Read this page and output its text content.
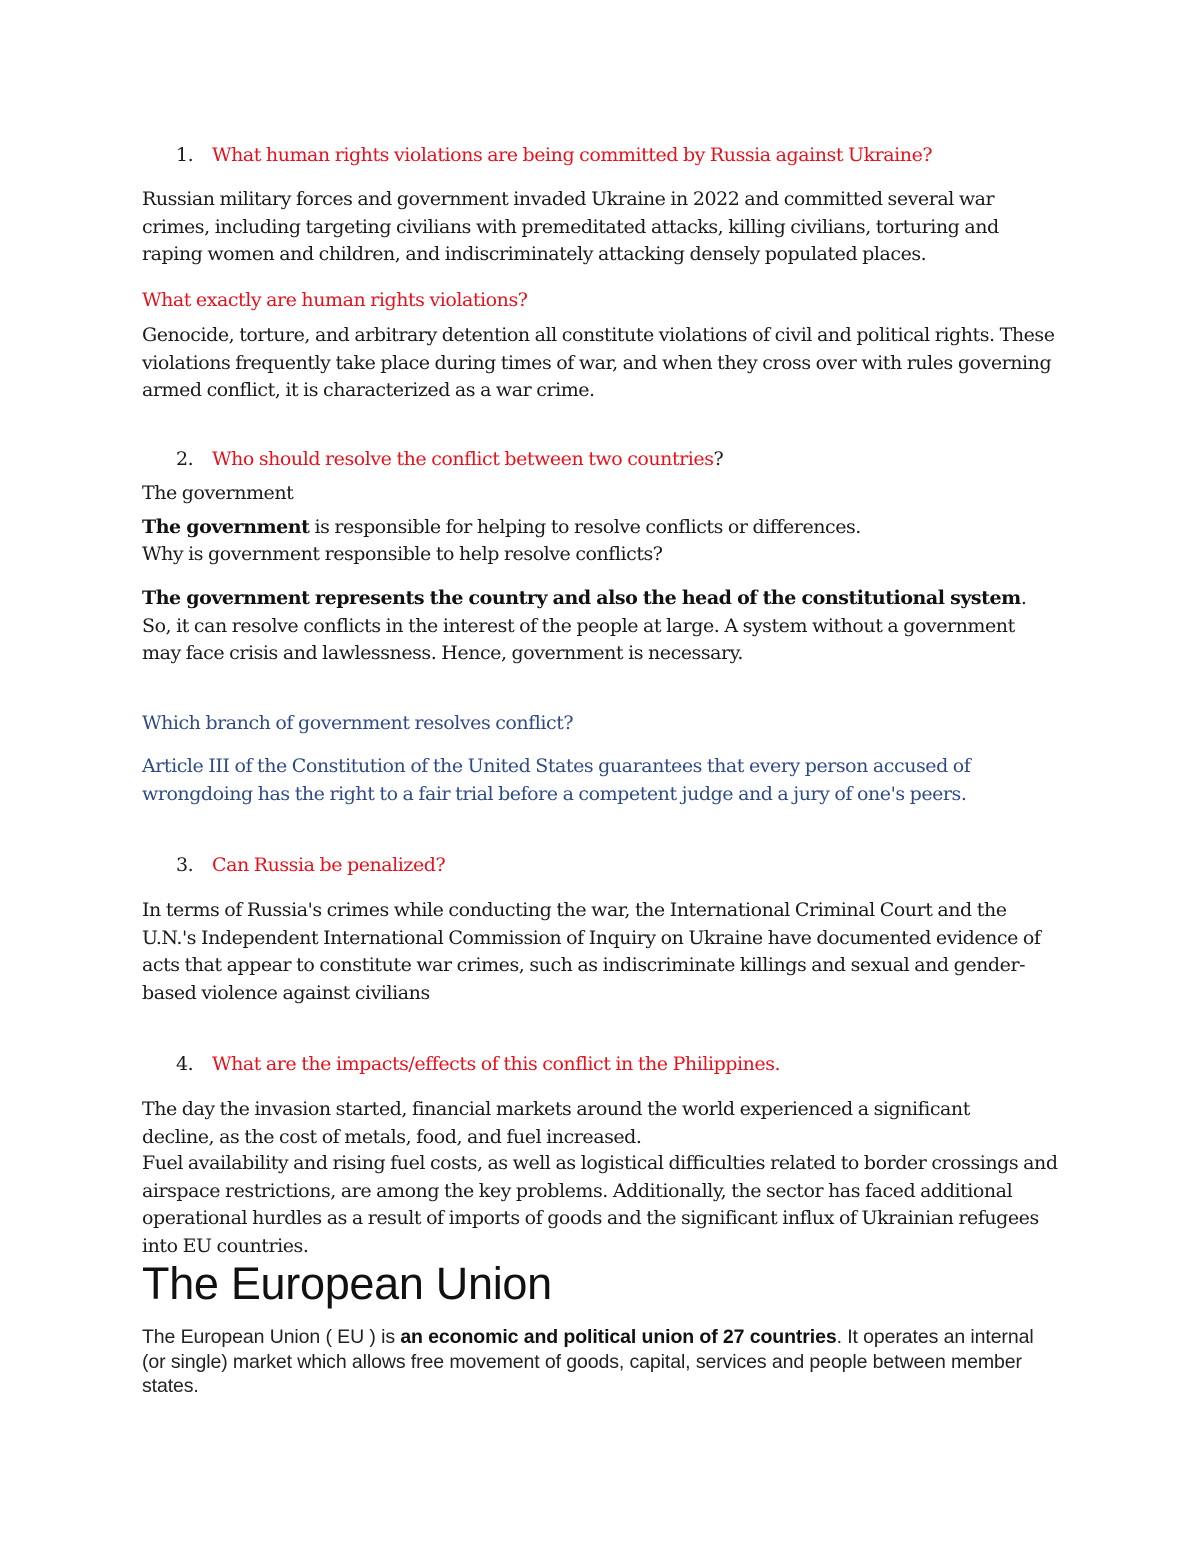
1. What human rights violations are being committed by Russia against Ukraine?

Russian military forces and government invaded Ukraine in 2022 and committed several war crimes, including targeting civilians with premeditated attacks, killing civilians, torturing and raping women and children, and indiscriminately attacking densely populated places.

What exactly are human rights violations?

Genocide, torture, and arbitrary detention all constitute violations of civil and political rights. These violations frequently take place during times of war, and when they cross over with rules governing armed conflict, it is characterized as a war crime.

2. Who should resolve the conflict between two countries?

The government

The government is responsible for helping to resolve conflicts or differences.

Why is government responsible to help resolve conflicts?

The government represents the country and also the head of the constitutional system. So, it can resolve conflicts in the interest of the people at large. A system without a government may face crisis and lawlessness. Hence, government is necessary.

Which branch of government resolves conflict?

Article III of the Constitution of the United States guarantees that every person accused of wrongdoing has the right to a fair trial before a competent judge and a jury of one's peers.

3. Can Russia be penalized?

In terms of Russia's crimes while conducting the war, the International Criminal Court and the U.N.'s Independent International Commission of Inquiry on Ukraine have documented evidence of acts that appear to constitute war crimes, such as indiscriminate killings and sexual and gender-based violence against civilians

4. What are the impacts/effects of this conflict in the Philippines.

The day the invasion started, financial markets around the world experienced a significant decline, as the cost of metals, food, and fuel increased.

Fuel availability and rising fuel costs, as well as logistical difficulties related to border crossings and airspace restrictions, are among the key problems. Additionally, the sector has faced additional operational hurdles as a result of imports of goods and the significant influx of Ukrainian refugees into EU countries.

The European Union

The European Union ( EU ) is an economic and political union of 27 countries. It operates an internal (or single) market which allows free movement of goods, capital, services and people between member states.
